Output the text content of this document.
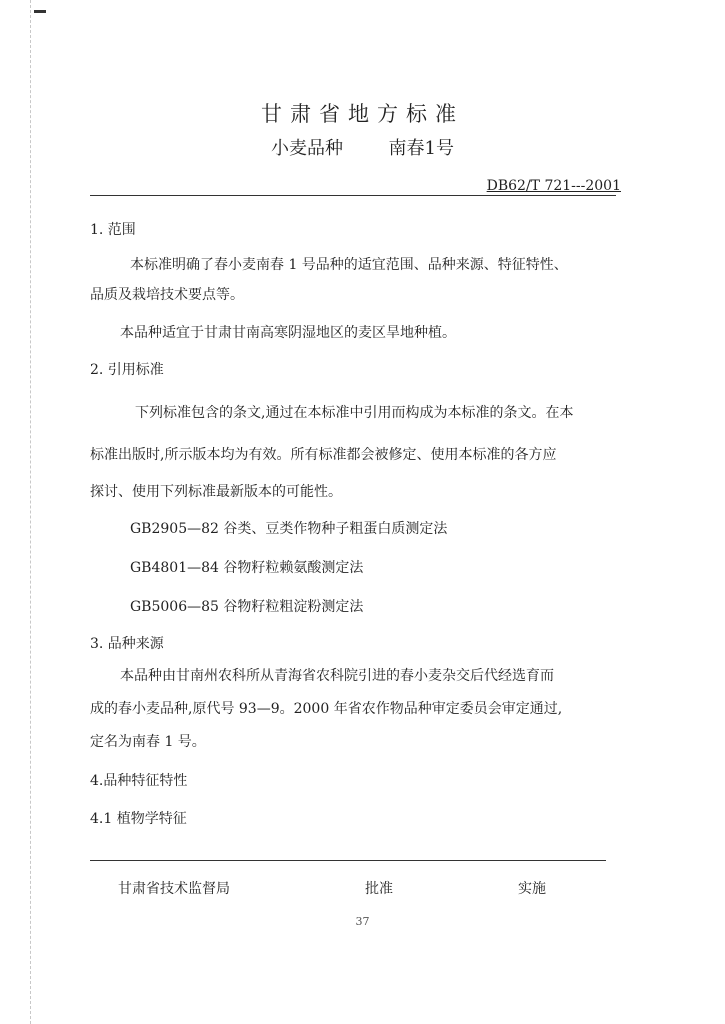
甘肃省地方标准
小麦品种	南春1号
DB62/T 721---2001
1. 范围
本标准明确了春小麦南春 1 号品种的适宜范围、品种来源、特征特性、
品质及栽培技术要点等。
本品种适宜于甘肃甘南高寒阴湿地区的麦区旱地种植。
2. 引用标准
下列标准包含的条文,通过在本标准中引用而构成为本标准的条文。在本
标准出版时,所示版本均为有效。所有标准都会被修定、使用本标准的各方应
探讨、使用下列标准最新版本的可能性。
GB2905—82 谷类、豆类作物种子粗蛋白质测定法
GB4801—84 谷物籽粒赖氨酸测定法
GB5006—85 谷物籽粒粗淀粉测定法
3. 品种来源
本品种由甘南州农科所从青海省农科院引进的春小麦杂交后代经选育而
成的春小麦品种,原代号 93—9。2000 年省农作物品种审定委员会审定通过,
定名为南春 1 号。
4.品种特征特性
4.1 植物学特征
甘肃省技术监督局	批准	实施
37
